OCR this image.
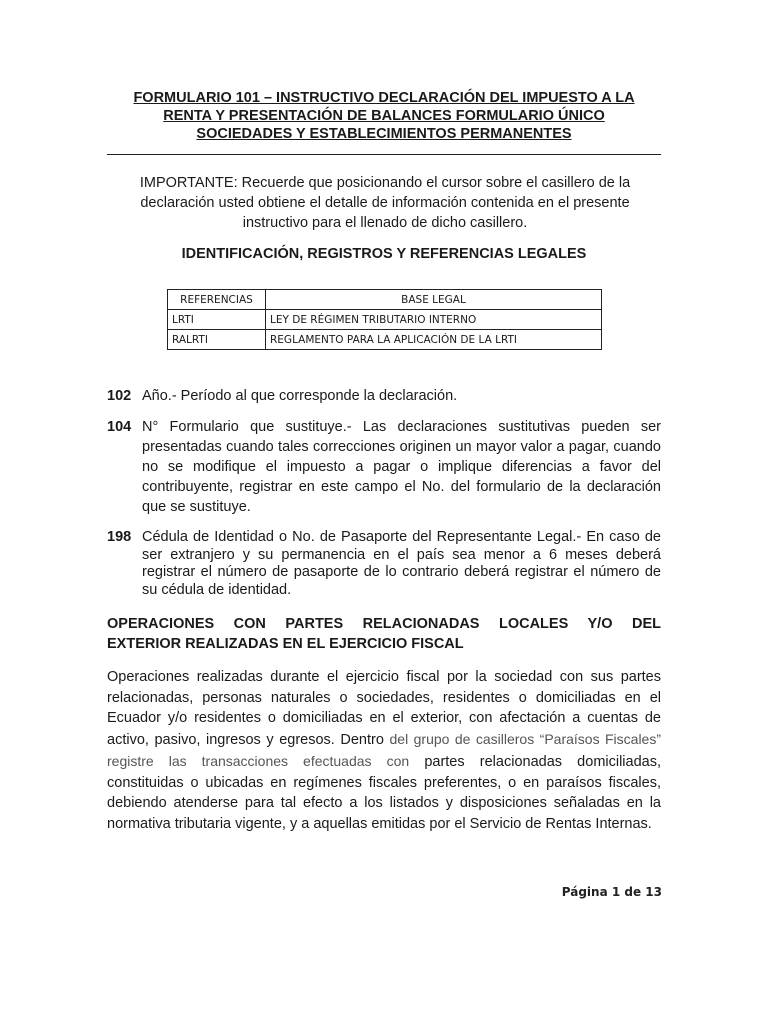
FORMULARIO 101 – INSTRUCTIVO DECLARACIÓN DEL IMPUESTO A LA
RENTA Y PRESENTACIÓN DE BALANCES FORMULARIO ÚNICO
SOCIEDADES Y ESTABLECIMIENTOS PERMANENTES
IMPORTANTE: Recuerde que posicionando el cursor sobre el casillero de la
declaración usted obtiene el detalle de información contenida en el presente
instructivo para el llenado de dicho casillero.
IDENTIFICACIÓN, REGISTROS Y REFERENCIAS LEGALES
REFERENCIAS	BASE LEGAL
LRTI	LEY DE RÉGIMEN TRIBUTARIO INTERNO
RALRTI	REGLAMENTO PARA LA APLICACIÓN DE LA LRTI
102 Año.- Período al que corresponde la declaración.
104 N° Formulario que sustituye.- Las declaraciones sustitutivas pueden ser presentadas cuando tales correcciones originen un mayor valor a pagar, cuando no se modifique el impuesto a pagar o implique diferencias a favor del contribuyente, registrar en este campo el No. del formulario de la declaración que se sustituye.
198 Cédula de Identidad o No. de Pasaporte del Representante Legal.- En caso de ser extranjero y su permanencia en el país sea menor a 6 meses deberá registrar el número de pasaporte de lo contrario deberá registrar el número de su cédula de identidad.
OPERACIONES CON PARTES RELACIONADAS LOCALES Y/O DEL
EXTERIOR REALIZADAS EN EL EJERCICIO FISCAL
Operaciones realizadas durante el ejercicio fiscal por la sociedad con sus partes relacionadas, personas naturales o sociedades, residentes o domiciliadas en el Ecuador y/o residentes o domiciliadas en el exterior, con afectación a cuentas de activo, pasivo, ingresos y egresos. Dentro del grupo de casilleros “Paraísos Fiscales” registre las transacciones efectuadas con partes relacionadas domiciliadas, constituidas o ubicadas en regímenes fiscales preferentes, o en paraísos fiscales, debiendo atenderse para tal efecto a los listados y disposiciones señaladas en la normativa tributaria vigente, y a aquellas emitidas por el Servicio de Rentas Internas.
Página 1 de 13
